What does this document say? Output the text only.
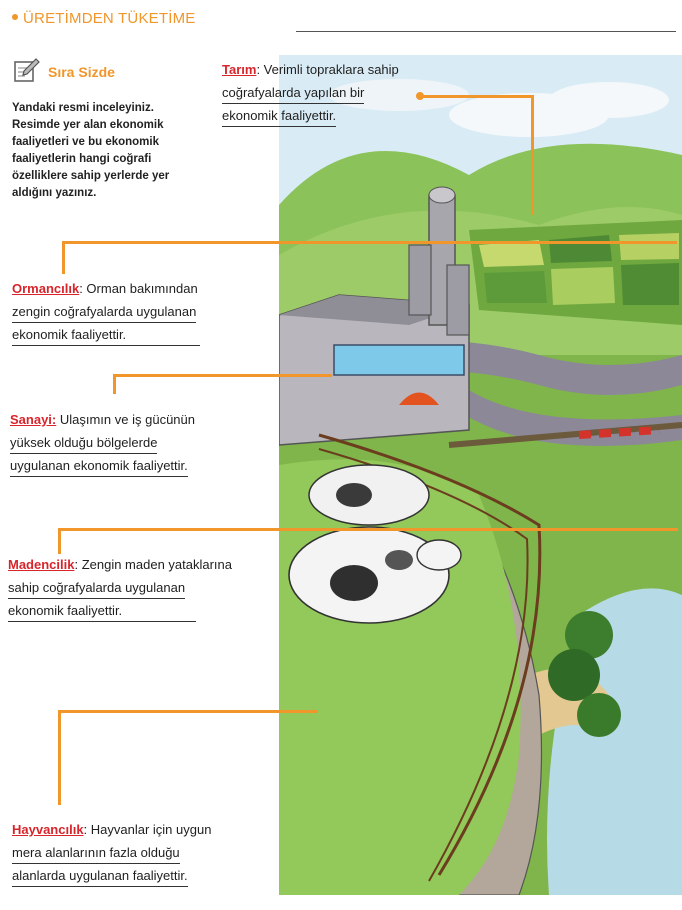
ÜRETİMDEN TÜKETİME
Sıra Sizde
Yandaki resmi inceleyiniz. Resimde yer alan ekonomik faaliyetleri ve bu ekonomik faaliyetlerin hangi coğrafi özelliklere sahip yerlerde yer aldığını yazınız.
Tarım: Verimli topraklara sahip
coğrafyalarda yapılan bir
ekonomik faaliyettir.
Ormancılık: Orman bakımından
zengin coğrafyalarda uygulanan
ekonomik faaliyettir.
Sanayi: Ulaşımın ve iş gücünün
yüksek olduğu bölgelerde
uygulanan ekonomik faaliyettir.
Madencilik: Zengin maden yataklarına
sahip coğrafyalarda uygulanan
ekonomik faaliyettir.
Hayvancılık: Hayvanlar için uygun
mera alanlarının fazla olduğu
alanlarda uygulanan faaliyettir.
